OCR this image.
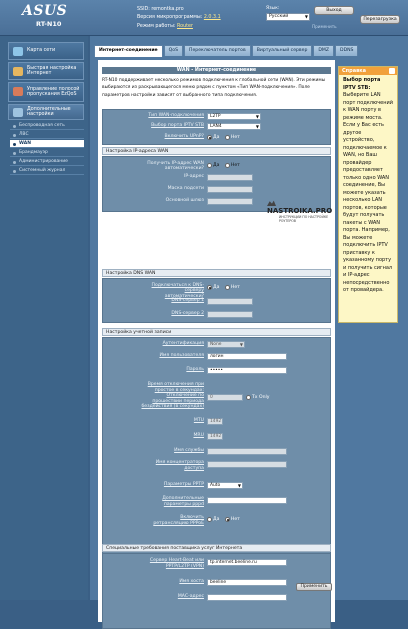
ASUS
RT-N10
SSID: remontka.pro
Версия микропрограммы: 2.0.3.1
Режим работы: Router
Язык:
Русский	▼
Выход
Перезагрузка
Применить
Карта сети
Быстрая настройка Интернет
Управление полосой пропускания EzQoS
Дополнительные настройки
Беспроводная сеть
ЛВС
WAN
Брандмауэр
Администрирование
Системный журнал
Интернет-соединение	QoS	Переключатель портов	Виртуальный сервер	DMZ	DDNS
WAN - Интернет-соединение
RT-N10 поддерживает несколько режимов подключения к глобальной сети (WAN). Эти режимы выбираются из раскрывающегося меню рядом с пунктом «Тип WAN-подключения». Поле параметров настройки зависят от выбранного типа подключения.
Тип WAN-подключения	L2TP	▼
Выбор порта IPTV STB	LAN4	▼
Включить UPnP?	Да Нет
Настройка IP-адреса WAN
Получить IP-адрес WAN автоматически?
Да Нет
IP-адрес
Маска подсети
Основной шлюз
NASTROIKA.PRO
ИНСТРУКЦИИ ПО НАСТРОЙКЕ РОУТЕРОВ
Настройка DNS WAN
Подключаться к DNS-серверу автоматически?
Да Нет
DNS-сервер 1
DNS-сервер 2
Настройка учетной записи
Аутентификация	None	▼
Имя пользователя	логин
Пароль	•••••
Время отключения при простое в секундах: Отключение по прошествии периода бездействия (в секундах)
0	Tx Only
MTU	1492
MRU	1492
Имя службы
Имя концентратора доступа
Параметры PPTP	Auto	▼
Дополнительные параметры pppd
Включить ретрансляцию PPPoE
Да Нет
Специальные требования поставщика услуг Интернета
Сервер Heart-Beat или PPTP/L2TP (VPN)
tp.internet.beeline.ru
Имя хоста	beeline
MAC-адрес
Применить
Справка
Выбор порта IPTV STB:
Выберите LAN порт подключений к WAN порту в режиме моста. Если у Вас есть другое устройство, подключаемое к WAN, но Ваш провайдер предоставляет только одно WAN соединение, Вы можете указать несколько LAN портов, которые будут получать пакеты с WAN порта. Например, Вы можете подключить IPTV приставку к указанному порту и получить сигнал и IP-адрес непосредственно от провайдера.
